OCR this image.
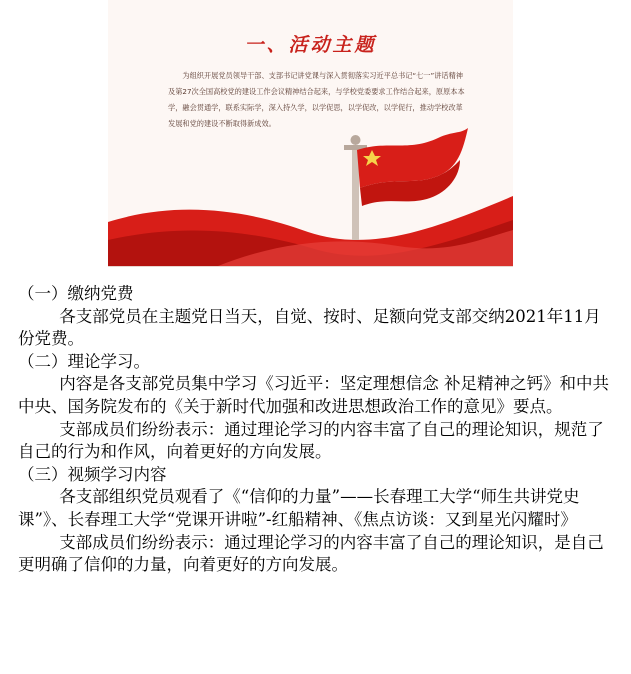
一、活动主题
为组织开展党员领导干部、支部书记讲党课与深入贯彻落实习近平总书记“七一”讲话精神及第27次全国高校党的建设工作会议精神结合起来，与学校党委要求工作结合起来，原原本本学，融会贯通学，联系实际学，深入持久学，以学促思，以学促改，以学促行，推动学校改革发展和党的建设不断取得新成效。

（一）缴纳党费

各支部党员在主题党日当天，自觉、按时、足额向党支部交纳2021年11月份党费。

（二）理论学习。

内容是各支部党员集中学习《习近平：坚定理想信念 补足精神之钙》和中共中央、国务院发布的《关于新时代加强和改进思想政治工作的意见》要点。

支部成员们纷纷表示：通过理论学习的内容丰富了自己的理论知识，规范了自己的行为和作风，向着更好的方向发展。

（三）视频学习内容

各支部组织党员观看了《“信仰的力量”——长春理工大学“师生共讲党史课”》、长春理工大学“党课开讲啦”-红船精神、《焦点访谈：又到星光闪耀时》

支部成员们纷纷表示：通过理论学习的内容丰富了自己的理论知识，是自己更明确了信仰的力量，向着更好的方向发展。
